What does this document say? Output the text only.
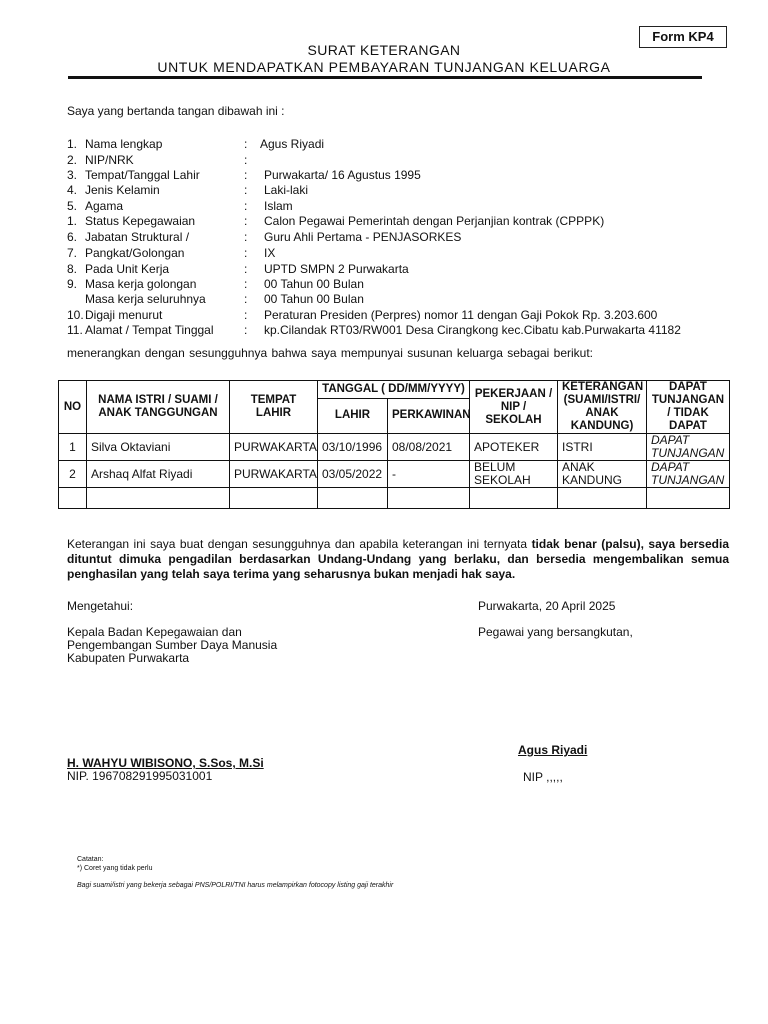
Form KP4
SURAT KETERANGAN
UNTUK MENDAPATKAN PEMBAYARAN TUNJANGAN KELUARGA
Saya yang bertanda tangan dibawah ini :
1. Nama lengkap	: Agus Riyadi
2. NIP/NRK	:
3. Tempat/Tanggal Lahir	: Purwakarta/ 16 Agustus 1995
4. Jenis Kelamin	: Laki-laki
5. Agama	: Islam
1. Status Kepegawaian	: Calon Pegawai Pemerintah dengan Perjanjian kontrak (CPPPK)
6. Jabatan Struktural /	: Guru Ahli Pertama - PENJASORKES
7. Pangkat/Golongan	: IX
8. Pada Unit Kerja	: UPTD SMPN 2 Purwakarta
9. Masa kerja golongan	: 00 Tahun 00 Bulan
Masa kerja seluruhnya	: 00 Tahun 00 Bulan
10. Digaji menurut	: Peraturan Presiden (Perpres) nomor 11 dengan Gaji Pokok Rp. 3.203.600
11. Alamat / Tempat Tinggal	: kp.Cilandak RT03/RW001 Desa Cirangkong kec.Cibatu kab.Purwakarta 41182
menerangkan dengan sesungguhnya bahwa saya mempunyai susunan keluarga sebagai berikut:
NO	NAMA ISTRI / SUAMI / ANAK TANGGUNGAN	TEMPAT LAHIR	TANGGAL ( DD/MM/YYYY)		PEKERJAAN / NIP / SEKOLAH	KETERANGAN (SUAMI/ISTRI/ ANAK KANDUNG)	DAPAT TUNJANGAN / TIDAK DAPAT
			LAHIR	PERKAWINAN			
1	Silva Oktaviani	PURWAKARTA	03/10/1996	08/08/2021	APOTEKER	ISTRI	DAPAT TUNJANGAN
2	Arshaq Alfat Riyadi	PURWAKARTA	03/05/2022	-	BELUM SEKOLAH	ANAK KANDUNG	DAPAT TUNJANGAN

Keterangan ini saya buat dengan sesungguhnya dan apabila keterangan ini ternyata tidak benar (palsu), saya bersedia dituntut dimuka pengadilan berdasarkan Undang-Undang yang berlaku, dan bersedia mengembalikan semua penghasilan yang telah saya terima yang seharusnya bukan menjadi hak saya.
Mengetahui:
Kepala Badan Kepegawaian dan
Pengembangan Sumber Daya Manusia
Kabupaten Purwakarta
H. WAHYU WIBISONO, S.Sos, M.Si
NIP. 196708291995031001
Purwakarta, 20 April 2025
Pegawai yang bersangkutan,
Agus Riyadi
NIP ,,,,,
Catatan:
*) Coret yang tidak perlu
Bagi suami/istri yang bekerja sebagai PNS/POLRI/TNI harus melampirkan fotocopy listing gaji terakhir
